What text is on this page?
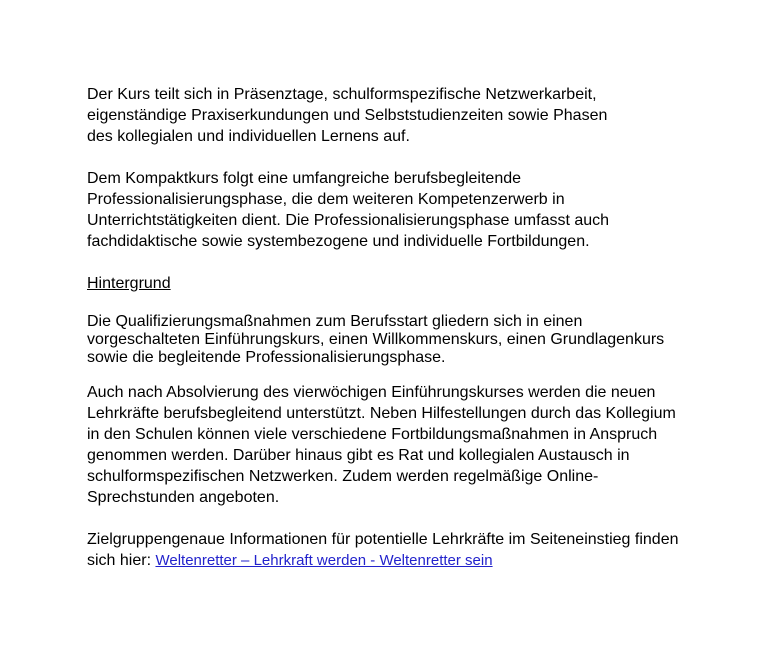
Der Kurs teilt sich in Präsenztage, schulformspezifische Netzwerkarbeit,
eigenständige Praxiserkundungen und Selbststudienzeiten sowie Phasen
des kollegialen und individuellen Lernens auf.

Dem Kompaktkurs folgt eine umfangreiche berufsbegleitende
Professionalisierungsphase, die dem weiteren Kompetenzerwerb in
Unterrichtstätigkeiten dient. Die Professionalisierungsphase umfasst auch
fachdidaktische sowie systembezogene und individuelle Fortbildungen.

Hintergrund

Die Qualifizierungsmaßnahmen zum Berufsstart gliedern sich in einen
vorgeschalteten Einführungskurs, einen Willkommenskurs, einen Grundlagenkurs
sowie die begleitende Professionalisierungsphase.

Auch nach Absolvierung des vierwöchigen Einführungskurses werden die neuen
Lehrkräfte berufsbegleitend unterstützt. Neben Hilfestellungen durch das Kollegium
in den Schulen können viele verschiedene Fortbildungsmaßnahmen in Anspruch
genommen werden. Darüber hinaus gibt es Rat und kollegialen Austausch in
schulformspezifischen Netzwerken. Zudem werden regelmäßige Online-
Sprechstunden angeboten.

Zielgruppengenaue Informationen für potentielle Lehrkräfte im Seiteneinstieg finden
sich hier: Weltenretter – Lehrkraft werden - Weltenretter sein
